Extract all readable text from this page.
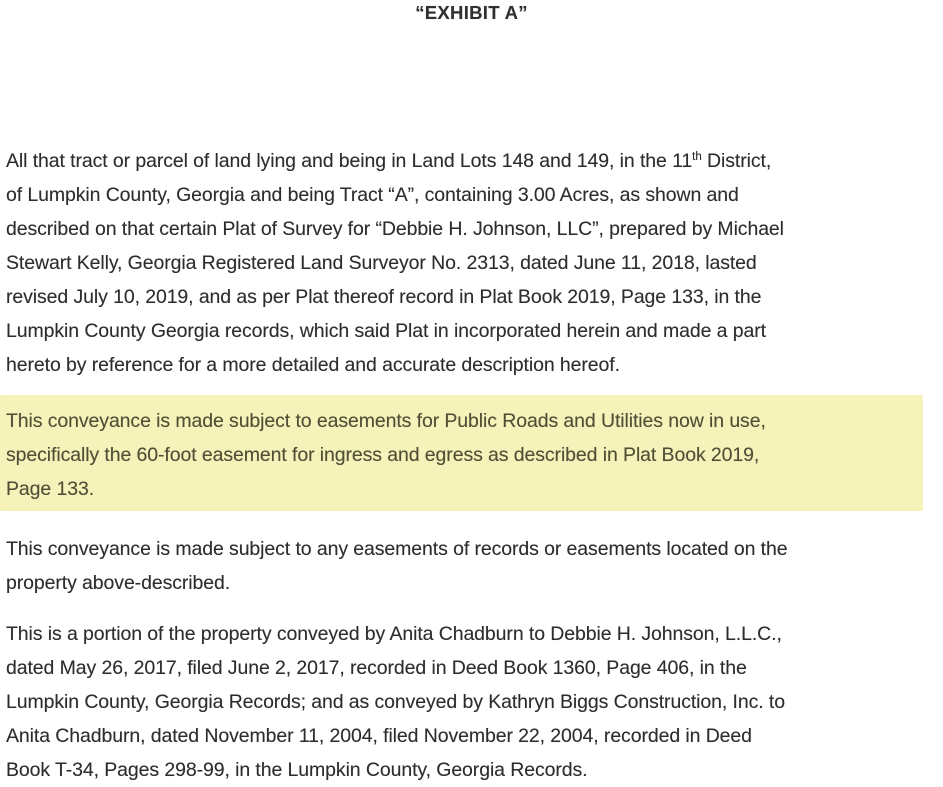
“EXHIBIT A”
All that tract or parcel of land lying and being in Land Lots 148 and 149, in the 11th District,
of Lumpkin County, Georgia and being Tract “A”, containing 3.00 Acres, as shown and
described on that certain Plat of Survey for “Debbie H. Johnson, LLC”, prepared by Michael
Stewart Kelly, Georgia Registered Land Surveyor No. 2313, dated June 11, 2018, lasted
revised July 10, 2019, and as per Plat thereof record in Plat Book 2019, Page 133, in the
Lumpkin County Georgia records, which said Plat in incorporated herein and made a part
hereto by reference for a more detailed and accurate description hereof.
This conveyance is made subject to easements for Public Roads and Utilities now in use,
specifically the 60-foot easement for ingress and egress as described in Plat Book 2019,
Page 133.
This conveyance is made subject to any easements of records or easements located on the
property above-described.
This is a portion of the property conveyed by Anita Chadburn to Debbie H. Johnson, L.L.C.,
dated May 26, 2017, filed June 2, 2017, recorded in Deed Book 1360, Page 406, in the
Lumpkin County, Georgia Records; and as conveyed by Kathryn Biggs Construction, Inc. to
Anita Chadburn, dated November 11, 2004, filed November 22, 2004, recorded in Deed
Book T-34, Pages 298-99, in the Lumpkin County, Georgia Records.
